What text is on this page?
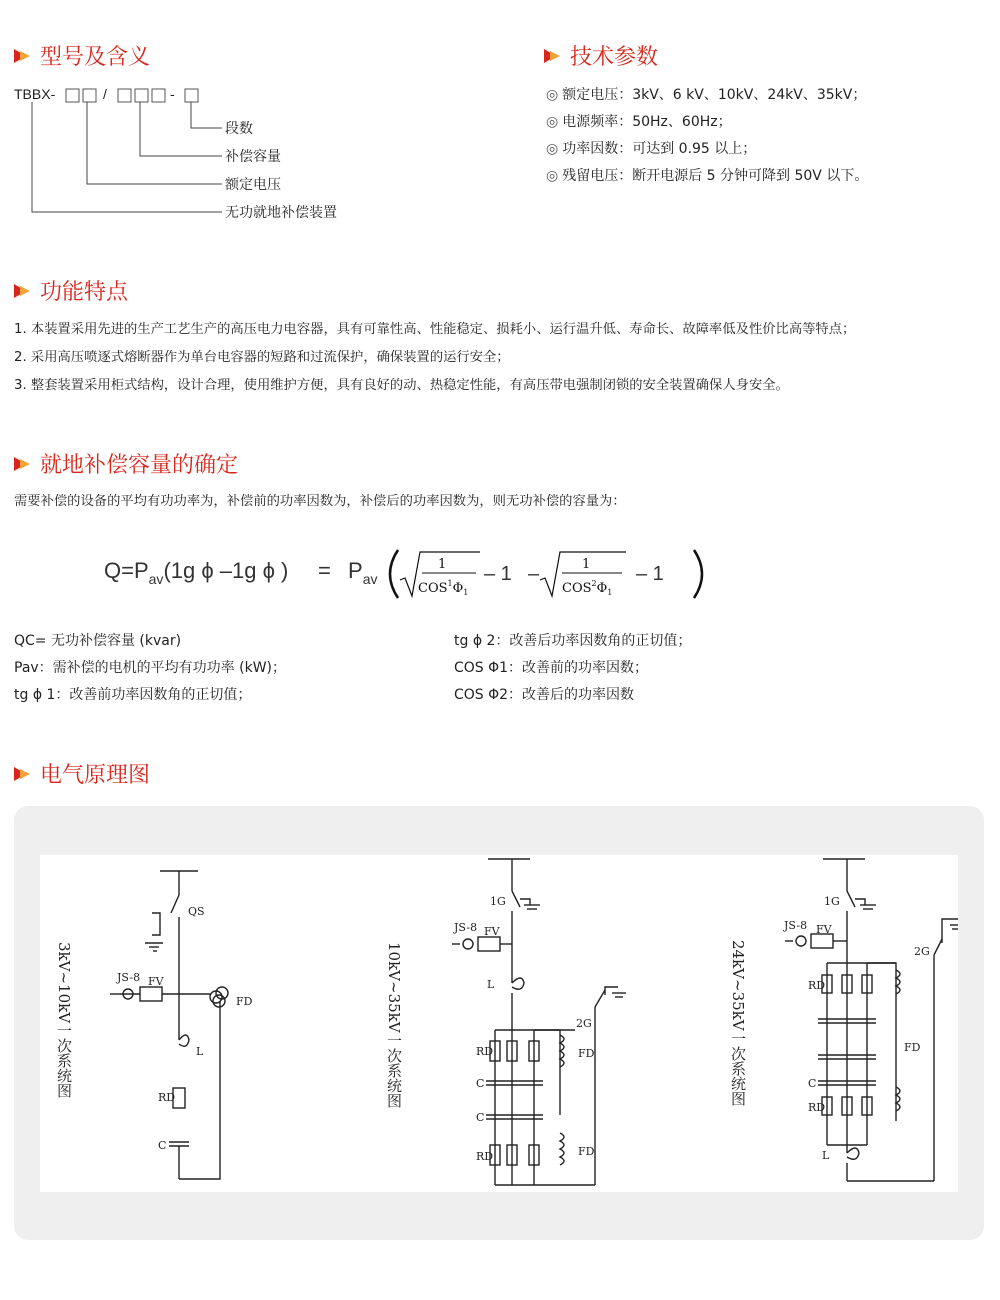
型号及含义	技术参数
功能特点
就地补偿容量的确定
电气原理图
TBBX-	/	-
段数
补偿容量
额定电压
无功就地补偿装置
◎ 额定电压：3kV、6 kV、10kV、24kV、35kV；
◎ 电源频率：50Hz、60Hz；
◎ 功率因数：可达到 0.95 以上；
◎ 残留电压：断开电源后 5 分钟可降到 50V 以下。
1. 本装置采用先进的生产工艺生产的高压电力电容器，具有可靠性高、性能稳定、损耗小、运行温升低、寿命长、故障率低及性价比高等特点；
2. 采用高压喷逐式熔断器作为单台电容器的短路和过流保护，确保装置的运行安全；
3. 整套装置采用柜式结构，设计合理，使用维护方便，具有良好的动、热稳定性能，有高压带电强制闭锁的安全装置确保人身安全。
需要补偿的设备的平均有功功率为，补偿前的功率因数为，补偿后的功率因数为，则无功补偿的容量为：
$Q=P_{av}(1g$ ϕ –1g ϕ ) = $P_{av}$
1
$COS^1\Phi_1$
– 1 –	1
$COS^2\Phi_1$
– 1
QC= 无功补偿容量 (kvar)
Pav：需补偿的电机的平均有功功率 (kW)；
tg ϕ 1：改善前功率因数角的正切值；
tg ϕ 2：改善后功率因数角的正切值；
COS Φ1：改善前的功率因数；
COS Φ2：改善后的功率因数
3kV~10kV一次系统图	10kV~35kV一次系统图	24kV~35kV一次系统图
QS
JS-8 FV
FD
L
RD
C
1G
JS-8 FV
L
2G
RD	FD
C
C
RD	FD
1G
JS-8 FV
2G
RD
FD
C
RD
L
